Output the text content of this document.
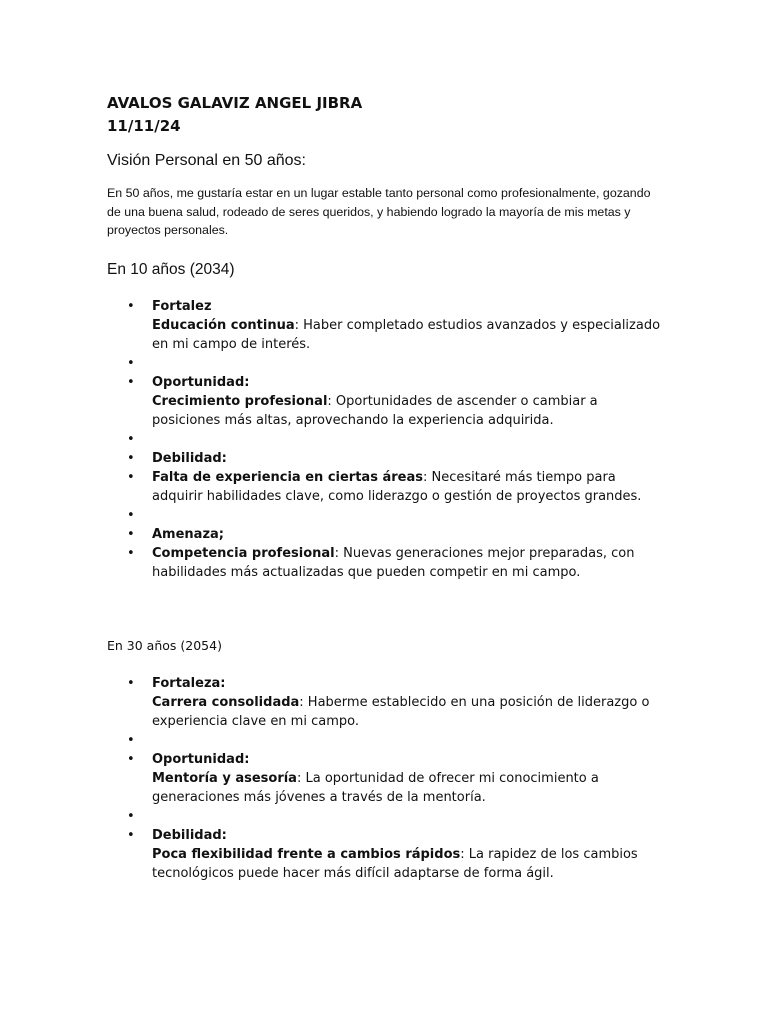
AVALOS GALAVIZ ANGEL JIBRA

11/11/24

Visión Personal en 50 años:

En 50 años, me gustaría estar en un lugar estable tanto personal como profesionalmente, gozando de una buena salud, rodeado de seres queridos, y habiendo logrado la mayoría de mis metas y proyectos personales.

En 10 años (2034)

• Fortalez
Educación continua: Haber completado estudios avanzados y especializado en mi campo de interés.
•
• Oportunidad:
Crecimiento profesional: Oportunidades de ascender o cambiar a posiciones más altas, aprovechando la experiencia adquirida.
•
• Debilidad:
• Falta de experiencia en ciertas áreas: Necesitaré más tiempo para adquirir habilidades clave, como liderazgo o gestión de proyectos grandes.
•
• Amenaza;
• Competencia profesional: Nuevas generaciones mejor preparadas, con habilidades más actualizadas que pueden competir en mi campo.

En 30 años (2054)

• Fortaleza:
Carrera consolidada: Haberme establecido en una posición de liderazgo o experiencia clave en mi campo.
•
• Oportunidad:
Mentoría y asesoría: La oportunidad de ofrecer mi conocimiento a generaciones más jóvenes a través de la mentoría.
•
• Debilidad:
Poca flexibilidad frente a cambios rápidos: La rapidez de los cambios tecnológicos puede hacer más difícil adaptarse de forma ágil.
